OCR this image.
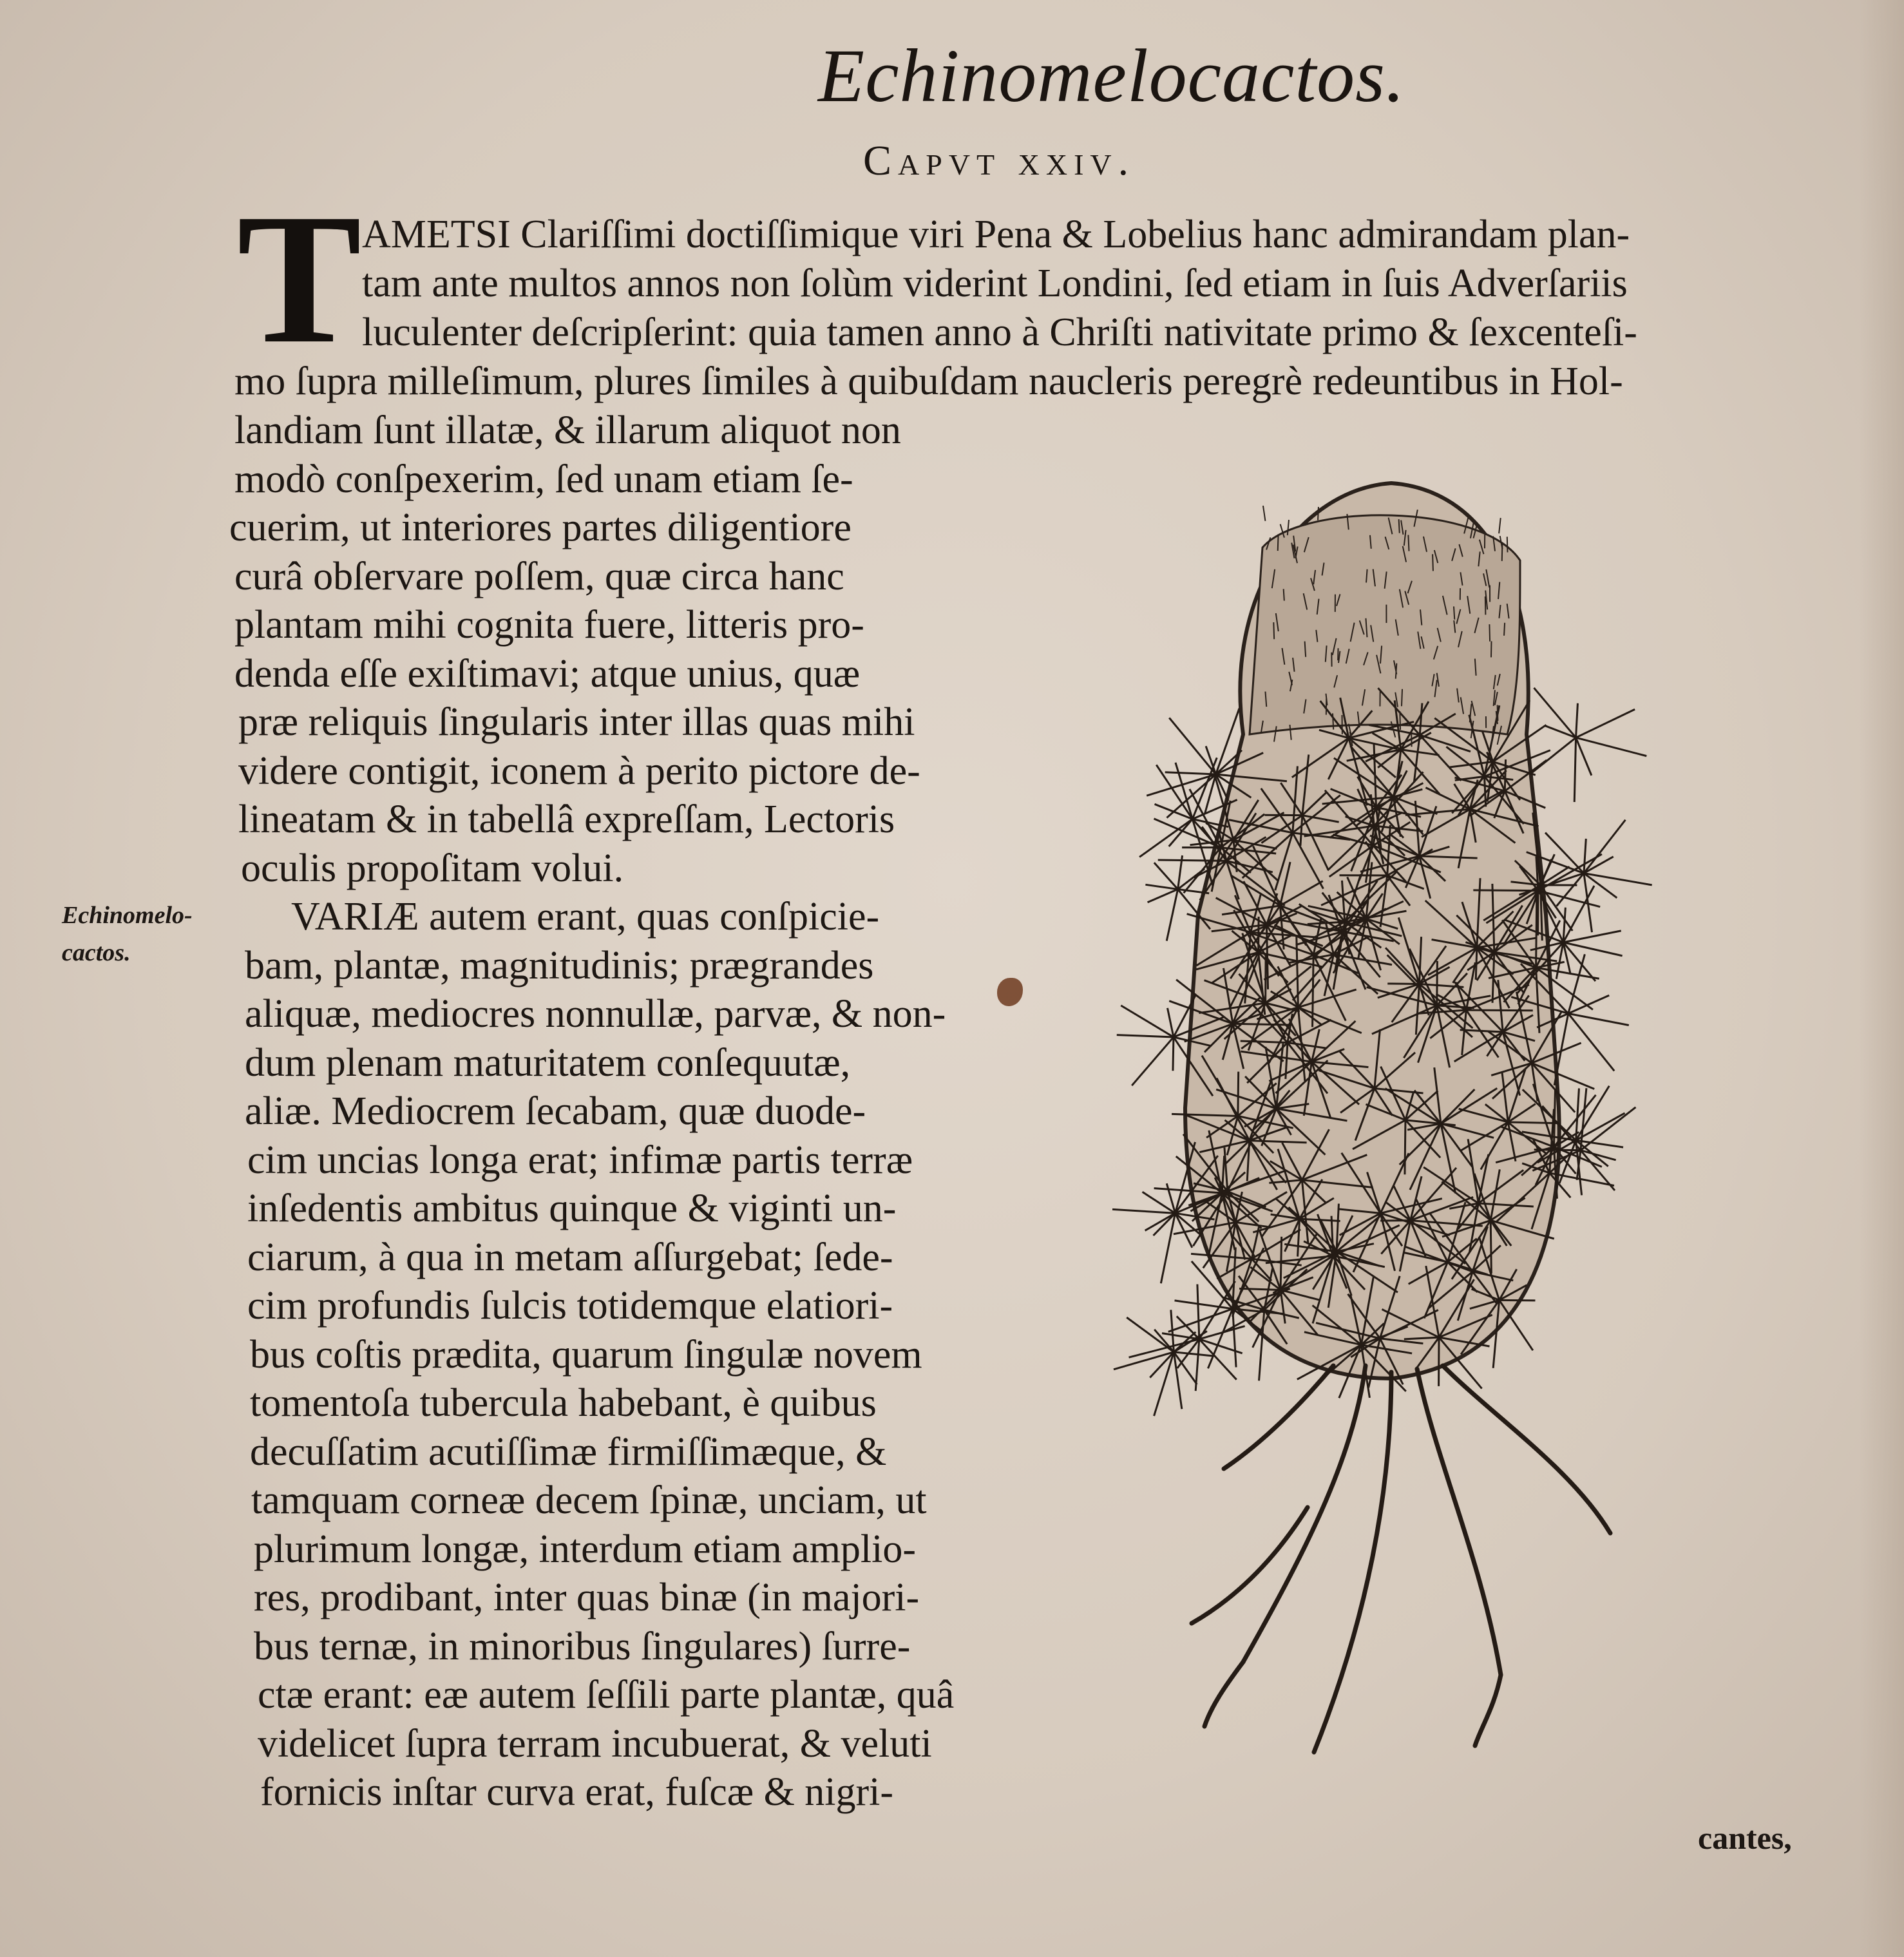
Echinomelocactos.
Capvt xxiv.
T AMETSI Clariſſimi doctiſſimique viri Pena & Lobelius hanc admirandam plan-
tam ante multos annos non ſolùm viderint Londini, ſed etiam in ſuis Adverſariis
luculenter deſcripſerint: quia tamen anno à Chriſti nativitate primo & ſexcenteſi-
mo ſupra milleſimum, plures ſimiles à quibuſdam naucleris peregrè redeuntibus in Hol-
landiam ſunt illatæ, & illarum aliquot non
modò conſpexerim, ſed unam etiam ſe-
cuerim, ut interiores partes diligentiore
curâ obſervare poſſem, quæ circa hanc
plantam mihi cognita fuere, litteris pro-
denda eſſe exiſtimavi; atque unius, quæ
præ reliquis ſingularis inter illas quas mihi
videre contigit, iconem à perito pictore de-
lineatam & in tabellâ expreſſam, Lectoris
oculis propoſitam volui.
VARIÆ autem erant, quas conſpicie-
bam, plantæ, magnitudinis; prægrandes
aliquæ, mediocres nonnullæ, parvæ, & non-
dum plenam maturitatem conſequutæ,
aliæ. Mediocrem ſecabam, quæ duode-
cim uncias longa erat; infimæ partis terræ
inſedentis ambitus quinque & viginti un-
ciarum, à qua in metam aſſurgebat; ſede-
cim profundis ſulcis totidemque elatiori-
bus coſtis prædita, quarum ſingulæ novem
tomentoſa tubercula habebant, è quibus
decuſſatim acutiſſimæ firmiſſimæque, &
tamquam corneæ decem ſpinæ, unciam, ut
plurimum longæ, interdum etiam amplio-
res, prodibant, inter quas binæ (in majori-
bus ternæ, in minoribus ſingulares) ſurre-
ctæ erant: eæ autem ſeſſili parte plantæ, quâ
videlicet ſupra terram incubuerat, & veluti
fornicis inſtar curva erat, fuſcæ & nigri-
Echinomelo-
cactos.
cantes,
